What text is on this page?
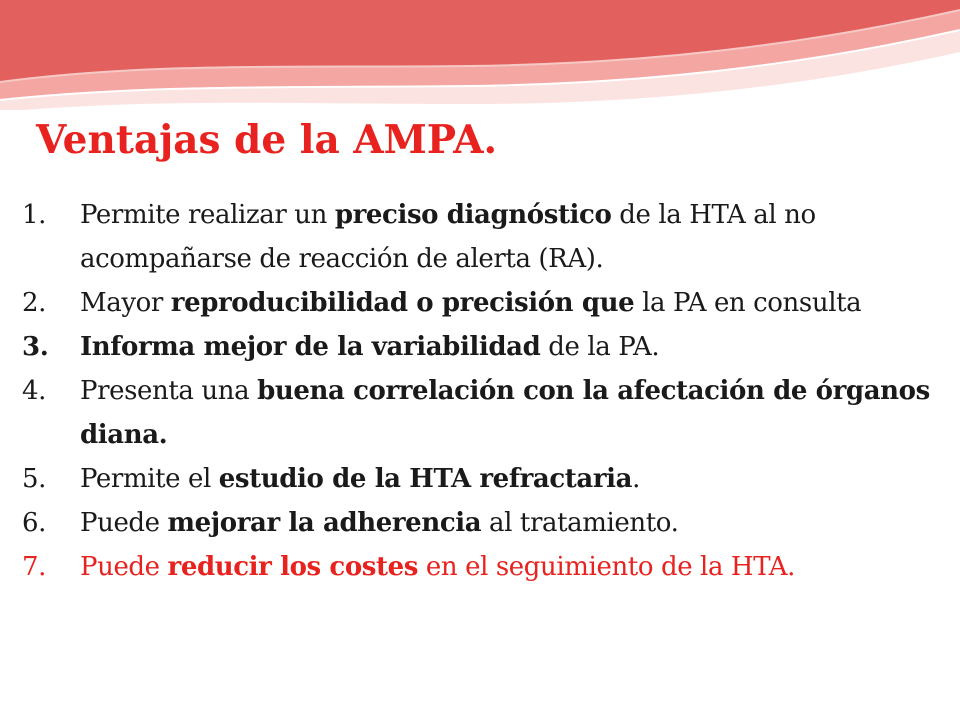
Ventajas de la AMPA.
1.	Permite realizar un preciso diagnóstico de la HTA al no acompañarse de reacción de alerta (RA).
2.	Mayor reproducibilidad o precisión que la PA en consulta
3.	Informa mejor de la variabilidad de la PA.
4.	Presenta una buena correlación con la afectación de órganos diana.
5.	Permite el estudio de la HTA refractaria.
6.	Puede mejorar la adherencia al tratamiento.
7.	Puede reducir los costes en el seguimiento de la HTA.
